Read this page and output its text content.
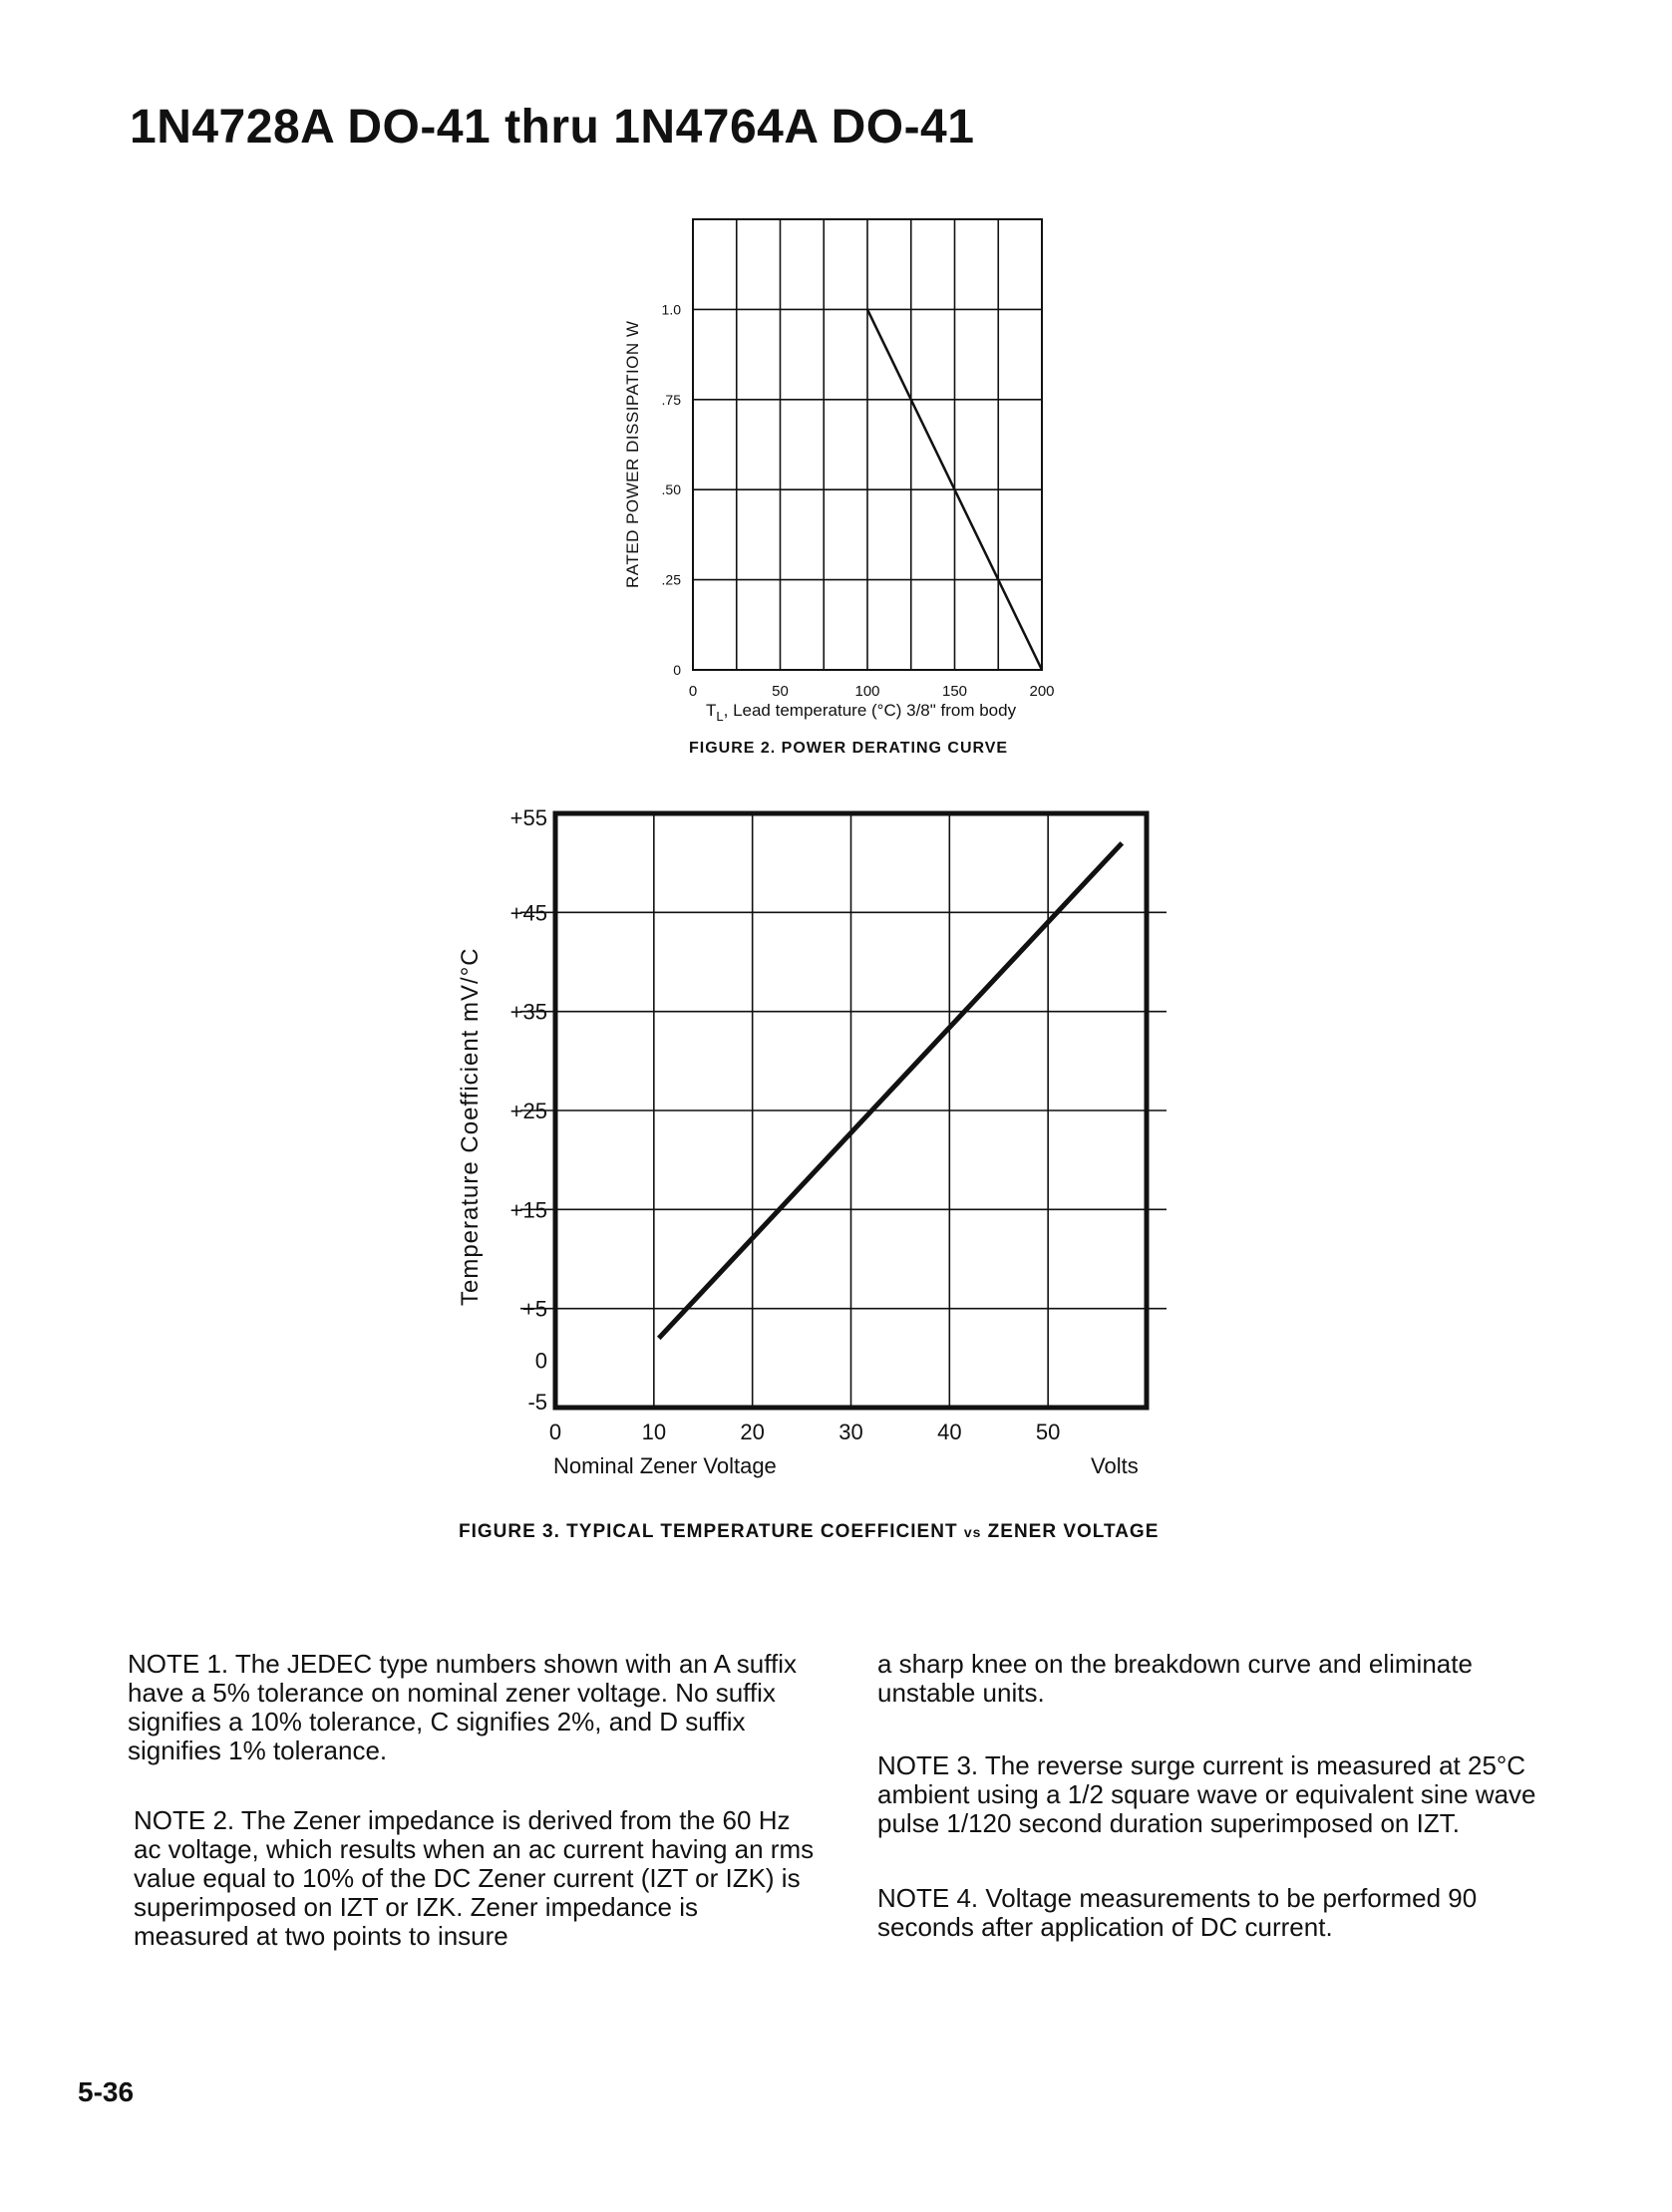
1N4728A DO-41 thru 1N4764A DO-41
0
.25
.50
.75
1.0
0	50	100	150	200
RATED POWER DISSIPATION W
$T_L$, Lead temperature (°C) 3/8" from body
FIGURE 2. POWER DERATING CURVE
+55
+45
+35
+25
+15
+5
0
-5
0	10	20	30	40	50
Temperature Coefficient mV/°C
Nominal Zener Voltage	Volts
FIGURE 3. TYPICAL TEMPERATURE COEFFICIENT vs ZENER VOLTAGE
NOTE 1. The JEDEC type numbers shown with an A suffix have a 5% tolerance on nominal zener voltage. No suffix signifies a 10% tolerance, C signifies 2%, and D suffix signifies 1% tolerance.
NOTE 2. The Zener impedance is derived from the 60 Hz ac voltage, which results when an ac current having an rms value equal to 10% of the DC Zener current (IZT or IZK) is superimposed on IZT or IZK. Zener impedance is measured at two points to insure
a sharp knee on the breakdown curve and eliminate unstable units.
NOTE 3. The reverse surge current is measured at 25°C ambient using a 1/2 square wave or equivalent sine wave pulse 1/120 second duration superimposed on IZT.
NOTE 4. Voltage measurements to be performed 90 seconds after application of DC current.
5-36
